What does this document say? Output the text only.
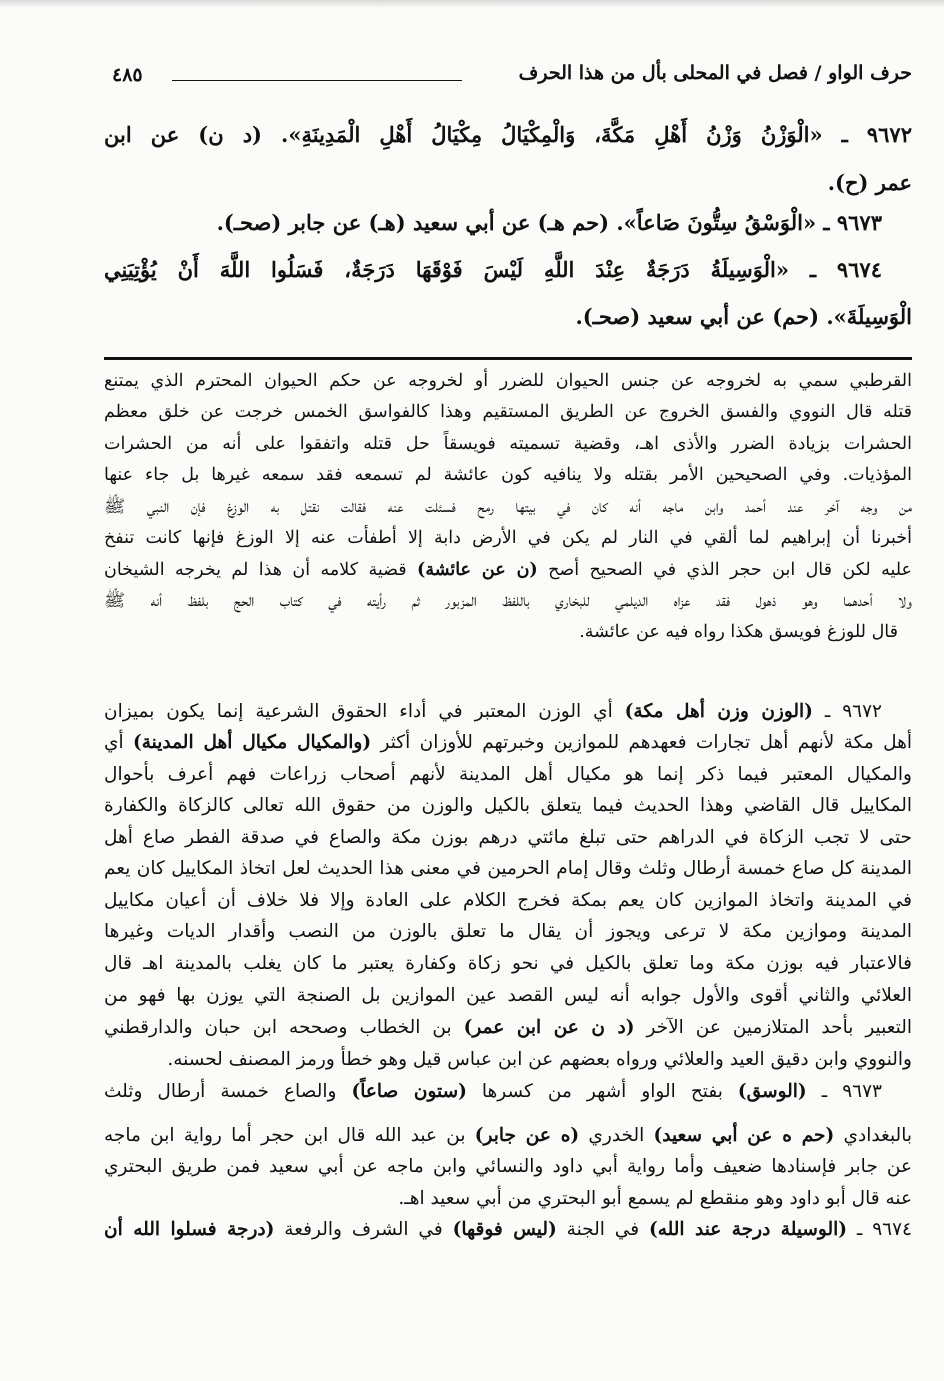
حرف الواو / فصل في المحلى بأل من هذا الحرف
٤٨٥
٩٦٧٢ ـ «الْوَزْنُ وَزْنُ أَهْلِ مَكَّةَ، وَالْمِكْيَالُ مِكْيَالُ أَهْلِ الْمَدِينَةِ». (د ن) عن ابن
عمر (ح).
٩٦٧٣ ـ «الْوَسْقُ سِتُّونَ صَاعاً». (حم هـ) عن أبي سعيد (هـ) عن جابر (صحـ).
٩٦٧٤ ـ «الْوَسِيلَةُ دَرَجَةٌ عِنْدَ اللَّهِ لَيْسَ فَوْقَهَا دَرَجَةٌ، فَسَلُوا اللَّهَ أَنْ يُؤْتِيَنِي
الْوَسِيلَةَ». (حم) عن أبي سعيد (صحـ).
القرطبي سمي به لخروجه عن جنس الحيوان للضرر أو لخروجه عن حكم الحيوان المحترم الذي يمتنع
قتله قال النووي والفسق الخروج عن الطريق المستقيم وهذا كالفواسق الخمس خرجت عن خلق معظم
الحشرات بزيادة الضرر والأذى اهـ، وقضية تسميته فويسقاً حل قتله واتفقوا على أنه من الحشرات
المؤذيات. وفي الصحيحين الأمر بقتله ولا ينافيه كون عائشة لم تسمعه فقد سمعه غيرها بل جاء عنها
من وجه آخر عند أحمد وابن ماجه أنه كان في بيتها رمح فسئلت عنه فقالت نقتل به الوزغ فإن النبي ﷺ
أخبرنا أن إبراهيم لما ألقي في النار لم يكن في الأرض دابة إلا أطفأت عنه إلا الوزغ فإنها كانت تنفخ
عليه لكن قال ابن حجر الذي في الصحيح أصح (ن عن عائشة) قضية كلامه أن هذا لم يخرجه الشيخان
ولا أحدهما وهو ذهول فقد عزاه الديلمي للبخاري باللفظ المزبور ثم رأيته في كتاب الحج بلفظ أنه ﷺ
قال للوزغ فويسق هكذا رواه فيه عن عائشة.
٩٦٧٢ ـ (الوزن وزن أهل مكة) أي الوزن المعتبر في أداء الحقوق الشرعية إنما يكون بميزان
أهل مكة لأنهم أهل تجارات فعهدهم للموازين وخبرتهم للأوزان أكثر (والمكيال مكيال أهل المدينة) أي
والمكيال المعتبر فيما ذكر إنما هو مكيال أهل المدينة لأنهم أصحاب زراعات فهم أعرف بأحوال
المكاييل قال القاضي وهذا الحديث فيما يتعلق بالكيل والوزن من حقوق الله تعالى كالزكاة والكفارة
حتى لا تجب الزكاة في الدراهم حتى تبلغ مائتي درهم بوزن مكة والصاع في صدقة الفطر صاع أهل
المدينة كل صاع خمسة أرطال وثلث وقال إمام الحرمين في معنى هذا الحديث لعل اتخاذ المكاييل كان يعم
في المدينة واتخاذ الموازين كان يعم بمكة فخرج الكلام على العادة وإلا فلا خلاف أن أعيان مكاييل
المدينة وموازين مكة لا ترعى ويجوز أن يقال ما تعلق بالوزن من النصب وأقدار الديات وغيرها
فالاعتبار فيه بوزن مكة وما تعلق بالكيل في نحو زكاة وكفارة يعتبر ما كان يغلب بالمدينة اهـ قال
العلائي والثاني أقوى والأول جوابه أنه ليس القصد عين الموازين بل الصنجة التي يوزن بها فهو من
التعبير بأحد المتلازمين عن الآخر (د ن عن ابن عمر) بن الخطاب وصححه ابن حبان والدارقطني
والنووي وابن دقيق العيد والعلائي ورواه بعضهم عن ابن عباس قيل وهو خطأ ورمز المصنف لحسنه.
٩٦٧٣ ـ (الوسق) بفتح الواو أشهر من كسرها (ستون صاعاً) والصاع خمسة أرطال وثلث
بالبغدادي (حم ه عن أبي سعيد) الخدري (ه عن جابر) بن عبد الله قال ابن حجر أما رواية ابن ماجه
عن جابر فإسنادها ضعيف وأما رواية أبي داود والنسائي وابن ماجه عن أبي سعيد فمن طريق البحتري
عنه قال أبو داود وهو منقطع لم يسمع أبو البحتري من أبي سعيد اهـ.
٩٦٧٤ ـ (الوسيلة درجة عند الله) في الجنة (ليس فوقها) في الشرف والرفعة (درجة فسلوا الله أن
